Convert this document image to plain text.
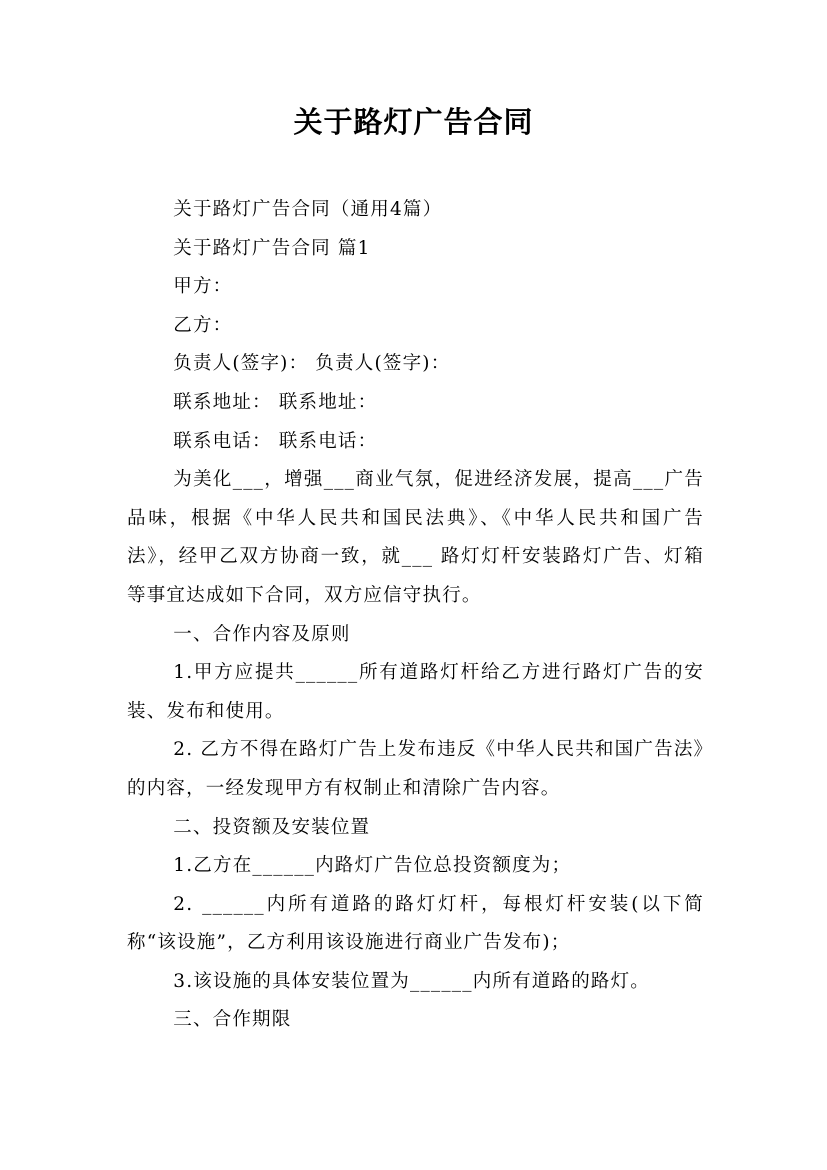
关于路灯广告合同

关于路灯广告合同（通用4篇）

关于路灯广告合同 篇1

甲方：

乙方：

负责人(签字)： 负责人(签字)：

联系地址： 联系地址：

联系电话： 联系电话：

为美化___，增强___商业气氛，促进经济发展，提高___广告品味，根据《中华人民共和国民法典》、《中华人民共和国广告法》，经甲乙双方协商一致，就___ 路灯灯杆安装路灯广告、灯箱等事宜达成如下合同，双方应信守执行。

一、合作内容及原则

1.甲方应提共______所有道路灯杆给乙方进行路灯广告的安装、发布和使用。

2. 乙方不得在路灯广告上发布违反《中华人民共和国广告法》的内容，一经发现甲方有权制止和清除广告内容。

二、投资额及安装位置

1.乙方在______内路灯广告位总投资额度为；

2. ______内所有道路的路灯灯杆，每根灯杆安装(以下简称“该设施”，乙方利用该设施进行商业广告发布)；

3.该设施的具体安装位置为______内所有道路的路灯。

三、合作期限
